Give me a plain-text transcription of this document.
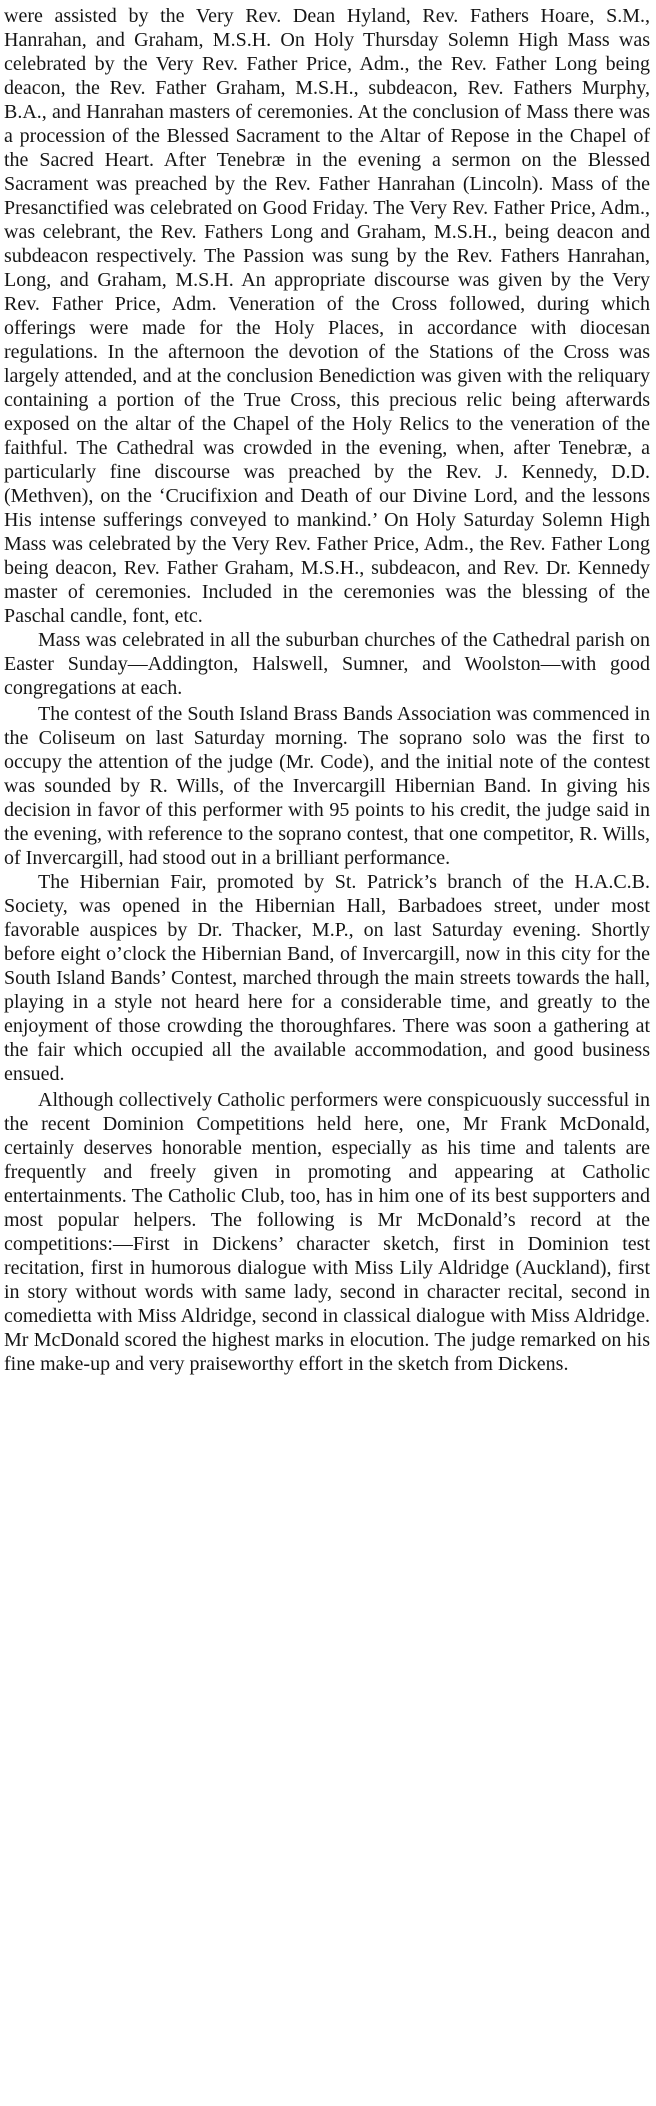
were assisted by the Very Rev. Dean Hyland, Rev. Fathers Hoare, S.M., Hanrahan, and Graham, M.S.H. On Holy Thursday Solemn High Mass was celebrated by the Very Rev. Father Price, Adm., the Rev. Father Long being deacon, the Rev. Father Graham, M.S.H., subdeacon, Rev. Fathers Murphy, B.A., and Hanrahan masters of ceremonies. At the conclusion of Mass there was a procession of the Blessed Sacrament to the Altar of Repose in the Chapel of the Sacred Heart. After Tenebræ in the evening a sermon on the Blessed Sacrament was preached by the Rev. Father Hanrahan (Lincoln). Mass of the Presanctified was celebrated on Good Friday. The Very Rev. Father Price, Adm., was celebrant, the Rev. Fathers Long and Graham, M.S.H., being deacon and subdeacon respectively. The Passion was sung by the Rev. Fathers Hanrahan, Long, and Graham, M.S.H. An appropriate discourse was given by the Very Rev. Father Price, Adm. Veneration of the Cross followed, during which offerings were made for the Holy Places, in accordance with diocesan regulations. In the afternoon the devotion of the Stations of the Cross was largely attended, and at the conclusion Benediction was given with the reliquary containing a portion of the True Cross, this precious relic being afterwards exposed on the altar of the Chapel of the Holy Relics to the veneration of the faithful. The Cathedral was crowded in the evening, when, after Tenebræ, a particularly fine discourse was preached by the Rev. J. Kennedy, D.D. (Methven), on the ‘Crucifixion and Death of our Divine Lord, and the lessons His intense sufferings conveyed to mankind.’ On Holy Saturday Solemn High Mass was celebrated by the Very Rev. Father Price, Adm., the Rev. Father Long being deacon, Rev. Father Graham, M.S.H., subdeacon, and Rev. Dr. Kennedy master of ceremonies. Included in the ceremonies was the blessing of the Paschal candle, font, etc.

Mass was celebrated in all the suburban churches of the Cathedral parish on Easter Sunday—Addington, Halswell, Sumner, and Woolston—with good congregations at each.

The contest of the South Island Brass Bands Association was commenced in the Coliseum on last Saturday morning. The soprano solo was the first to occupy the attention of the judge (Mr. Code), and the initial note of the contest was sounded by R. Wills, of the Invercargill Hibernian Band. In giving his decision in favor of this performer with 95 points to his credit, the judge said in the evening, with reference to the soprano contest, that one competitor, R. Wills, of Invercargill, had stood out in a brilliant performance.

The Hibernian Fair, promoted by St. Patrick’s branch of the H.A.C.B. Society, was opened in the Hibernian Hall, Barbadoes street, under most favorable auspices by Dr. Thacker, M.P., on last Saturday evening. Shortly before eight o’clock the Hibernian Band, of Invercargill, now in this city for the South Island Bands’ Contest, marched through the main streets towards the hall, playing in a style not heard here for a considerable time, and greatly to the enjoyment of those crowding the thoroughfares. There was soon a gathering at the fair which occupied all the available accommodation, and good business ensued.

Although collectively Catholic performers were conspicuously successful in the recent Dominion Competitions held here, one, Mr Frank McDonald, certainly deserves honorable mention, especially as his time and talents are frequently and freely given in promoting and appearing at Catholic entertainments. The Catholic Club, too, has in him one of its best supporters and most popular helpers. The following is Mr McDonald’s record at the competitions:—First in Dickens’ character sketch, first in Dominion test recitation, first in humorous dialogue with Miss Lily Aldridge (Auckland), first in story without words with same lady, second in character recital, second in comedietta with Miss Aldridge, second in classical dialogue with Miss Aldridge. Mr McDonald scored the highest marks in elocution. The judge remarked on his fine make-up and very praiseworthy effort in the sketch from Dickens.
